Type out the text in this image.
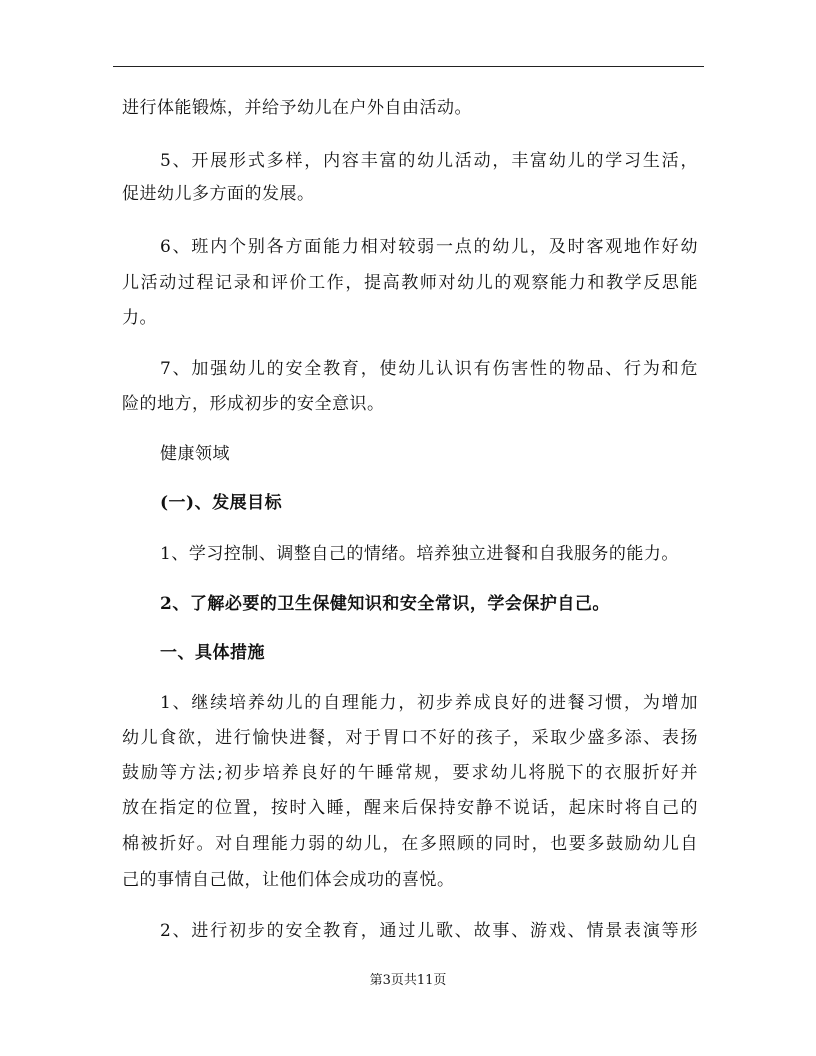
进行体能锻炼，并给予幼儿在户外自由活动。
5、开展形式多样，内容丰富的幼儿活动，丰富幼儿的学习生活，
促进幼儿多方面的发展。
6、班内个别各方面能力相对较弱一点的幼儿，及时客观地作好幼
儿活动过程记录和评价工作，提高教师对幼儿的观察能力和教学反思能
力。
7、加强幼儿的安全教育，使幼儿认识有伤害性的物品、行为和危
险的地方，形成初步的安全意识。
健康领域
(一)、发展目标
1、学习控制、调整自己的情绪。培养独立进餐和自我服务的能力。
2、了解必要的卫生保健知识和安全常识，学会保护自己。
一、具体措施
1、继续培养幼儿的自理能力，初步养成良好的进餐习惯，为增加
幼儿食欲，进行愉快进餐，对于胃口不好的孩子，采取少盛多添、表扬
鼓励等方法;初步培养良好的午睡常规，要求幼儿将脱下的衣服折好并
放在指定的位置，按时入睡，醒来后保持安静不说话，起床时将自己的
棉被折好。对自理能力弱的幼儿，在多照顾的同时，也要多鼓励幼儿自
己的事情自己做，让他们体会成功的喜悦。
2、进行初步的安全教育，通过儿歌、故事、游戏、情景表演等形
第3页共11页
